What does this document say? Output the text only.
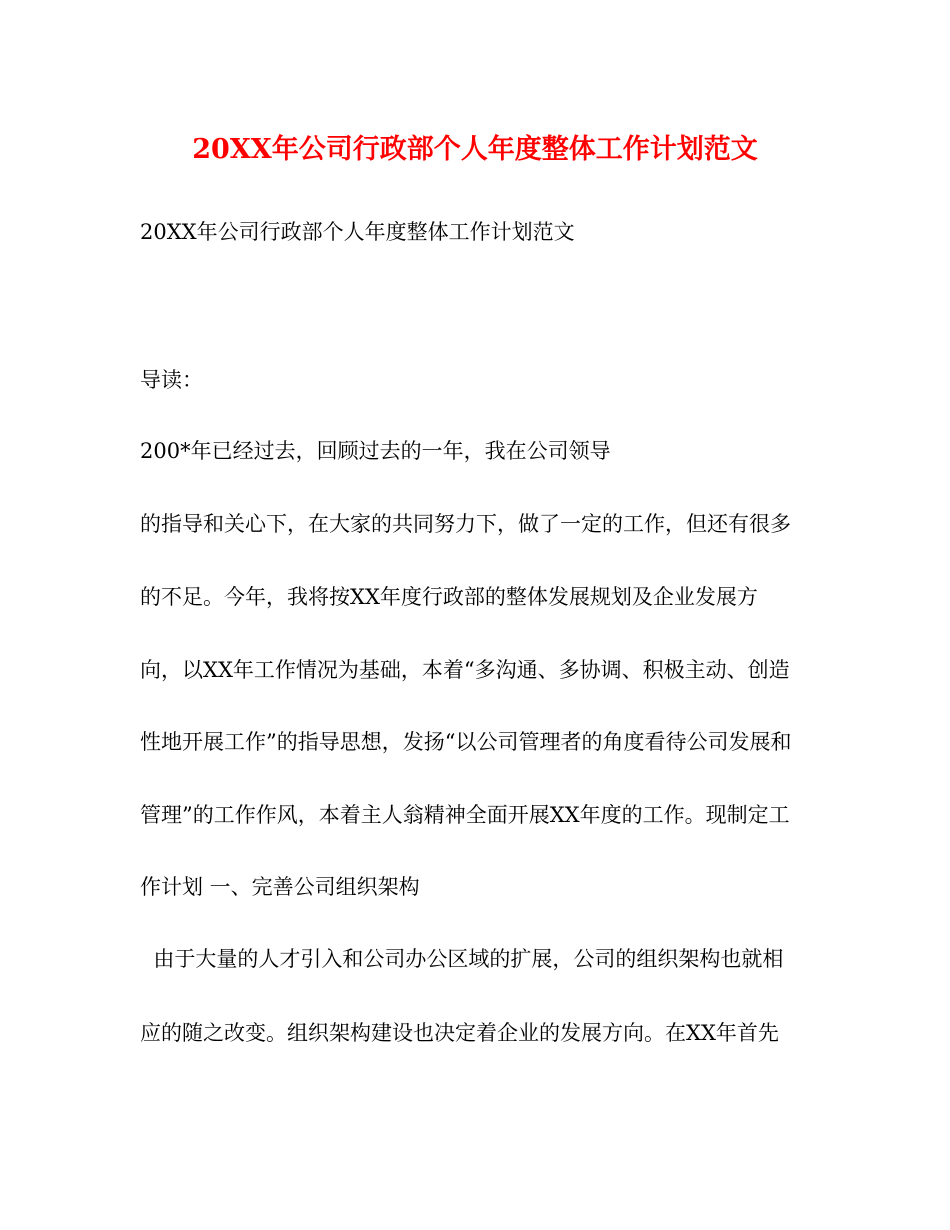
20XX年公司行政部个人年度整体工作计划范文
20XX年公司行政部个人年度整体工作计划范文
导读：
200*年已经过去，回顾过去的一年，我在公司领导
的指导和关心下，在大家的共同努力下，做了一定的工作，但还有很多
的不足。今年，我将按XX年度行政部的整体发展规划及企业发展方
向，以XX年工作情况为基础，本着“多沟通、多协调、积极主动、创造
性地开展工作”的指导思想，发扬“以公司管理者的角度看待公司发展和
管理”的工作作风，本着主人翁精神全面开展XX年度的工作。现制定工
作计划 一、完善公司组织架构
由于大量的人才引入和公司办公区域的扩展，公司的组织架构也就相
应的随之改变。组织架构建设也决定着企业的发展方向。在XX年首先
